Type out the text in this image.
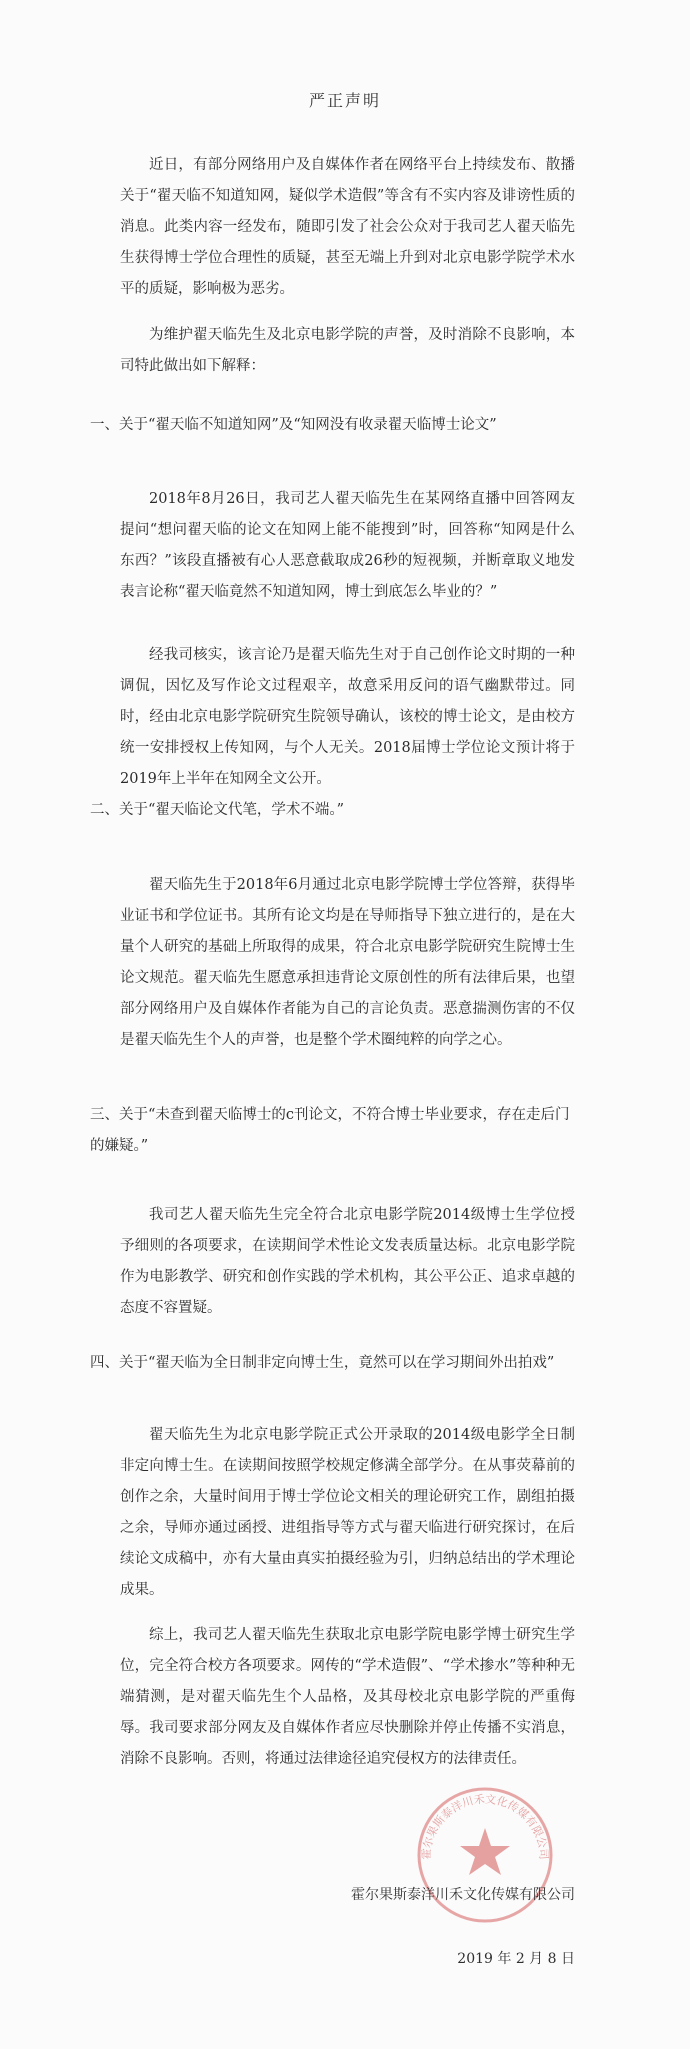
严正声明

近日，有部分网络用户及自媒体作者在网络平台上持续发布、散播关于“翟天临不知道知网，疑似学术造假”等含有不实内容及诽谤性质的消息。此类内容一经发布，随即引发了社会公众对于我司艺人翟天临先生获得博士学位合理性的质疑，甚至无端上升到对北京电影学院学术水平的质疑，影响极为恶劣。

为维护翟天临先生及北京电影学院的声誉，及时消除不良影响，本司特此做出如下解释：

一、关于“翟天临不知道知网”及“知网没有收录翟天临博士论文”

2018年8月26日，我司艺人翟天临先生在某网络直播中回答网友提问“想问翟天临的论文在知网上能不能搜到”时，回答称“知网是什么东西？”该段直播被有心人恶意截取成26秒的短视频，并断章取义地发表言论称“翟天临竟然不知道知网，博士到底怎么毕业的？”

经我司核实，该言论乃是翟天临先生对于自己创作论文时期的一种调侃，因忆及写作论文过程艰辛，故意采用反问的语气幽默带过。同时，经由北京电影学院研究生院领导确认，该校的博士论文，是由校方统一安排授权上传知网，与个人无关。2018届博士学位论文预计将于2019年上半年在知网全文公开。

二、关于“翟天临论文代笔，学术不端。”

翟天临先生于2018年6月通过北京电影学院博士学位答辩，获得毕业证书和学位证书。其所有论文均是在导师指导下独立进行的，是在大量个人研究的基础上所取得的成果，符合北京电影学院研究生院博士生论文规范。翟天临先生愿意承担违背论文原创性的所有法律后果，也望部分网络用户及自媒体作者能为自己的言论负责。恶意揣测伤害的不仅是翟天临先生个人的声誉，也是整个学术圈纯粹的向学之心。

三、关于“未查到翟天临博士的c刊论文，不符合博士毕业要求，存在走后门的嫌疑。”

我司艺人翟天临先生完全符合北京电影学院2014级博士生学位授予细则的各项要求，在读期间学术性论文发表质量达标。北京电影学院作为电影教学、研究和创作实践的学术机构，其公平公正、追求卓越的态度不容置疑。

四、关于“翟天临为全日制非定向博士生，竟然可以在学习期间外出拍戏”

翟天临先生为北京电影学院正式公开录取的2014级电影学全日制非定向博士生。在读期间按照学校规定修满全部学分。在从事荧幕前的创作之余，大量时间用于博士学位论文相关的理论研究工作，剧组拍摄之余，导师亦通过函授、进组指导等方式与翟天临进行研究探讨，在后续论文成稿中，亦有大量由真实拍摄经验为引，归纳总结出的学术理论成果。

综上，我司艺人翟天临先生获取北京电影学院电影学博士研究生学位，完全符合校方各项要求。网传的“学术造假”、“学术掺水”等种种无端猜测，是对翟天临先生个人品格，及其母校北京电影学院的严重侮辱。我司要求部分网友及自媒体作者应尽快删除并停止传播不实消息，消除不良影响。否则，将通过法律途径追究侵权方的法律责任。

霍尔果斯泰洋川禾文化传媒有限公司
霍尔果斯泰洋川禾文化传媒有限公司
2019 年 2 月 8 日
